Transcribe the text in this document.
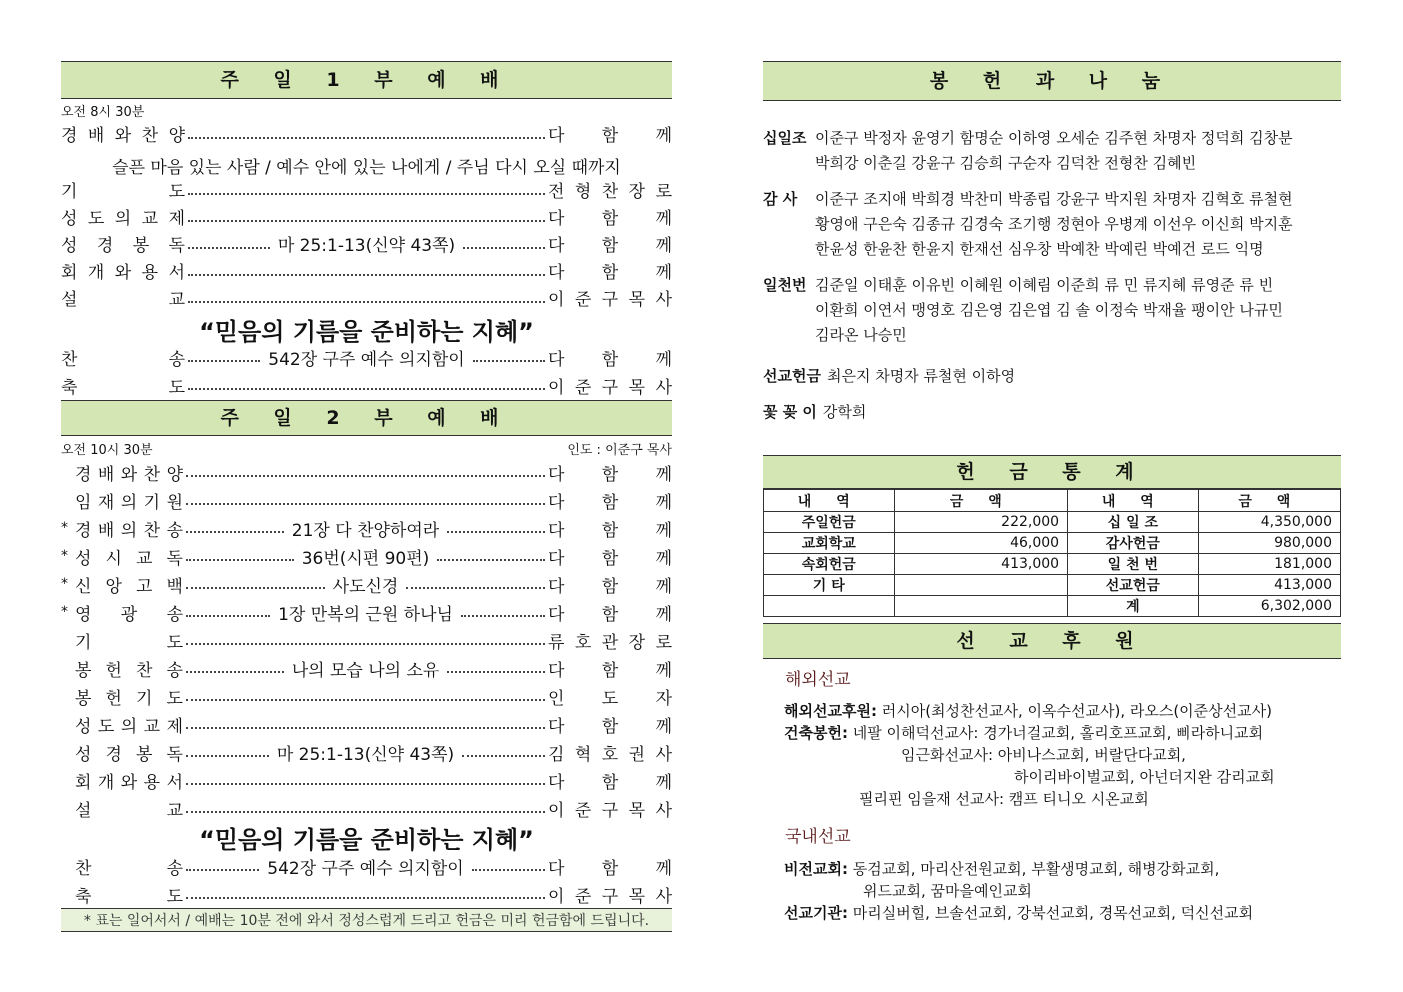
주 일 1 부 예 배
오전 8시 30분
경 배 와 찬 양	다 함 께
기	도	전 형 찬 장 로
성 도 의 교 제	다 함 께
성 경 봉 독	마 25:1-13(신약 43쪽)	다 함 께
회 개 와 용 서	다 함 께
설	교	이 준 구 목 사
슬픈 마음 있는 사람 / 예수 안에 있는 나에게 / 주님 다시 오실 때까지
“믿음의 기름을 준비하는 지혜”
찬	송	542장 구주 예수 의지함이	다 함 께
축	도	이 준 구 목 사
주 일 2 부 예 배
오전 10시 30분	인도 : 이준구 목사
경 배 와 찬 양	다 함 께
임 재 의 기 원	다 함 께
* 경 배 의 찬 송	21장 다 찬양하여라	다 함 께
* 성 시 교 독	36번(시편 90편)	다 함 께
* 신 앙 고 백	사도신경	다 함 께
* 영 광 송	1장 만복의 근원 하나님	다 함 께
기	도	류 호 관 장 로
봉 헌 찬 송	나의 모습 나의 소유	다 함 께
봉 헌 기 도	인 도 자
성 도 의 교 제	다 함 께
성 경 봉 독	마 25:1-13(신약 43쪽)	김 혁 호 권 사
회 개 와 용 서	다 함 께
설	교	이 준 구 목 사
“믿음의 기름을 준비하는 지혜”
찬	송	542장 구주 예수 의지함이	다 함 께
축	도	이 준 구 목 사
* 표는 일어서서 / 예배는 10분 전에 와서 정성스럽게 드리고 헌금은 미리 헌금함에 드립니다.
봉 헌 과 나 눔
십일조 이준구 박정자 윤영기 함명순 이하영 오세순 김주현 차명자 정덕희 김창분
박희강 이춘길 강윤구 김승희 구순자 김덕찬 전형찬 김혜빈
감 사	이준구 조지애 박희경 박찬미 박종립 강윤구 박지원 차명자 김혁호 류철현
황영애 구은숙 김종규 김경숙 조기행 정현아 우병계 이선우 이신희 박지훈
한윤성 한윤찬 한윤지 한재선 심우창 박예찬 박예린 박예건 로드 익명
일천번 김준일 이태훈 이유빈 이혜원 이혜림 이준희 류 민 류지혜 류영준 류 빈
이환희 이연서 맹영호 김은영 김은엽 김 솔 이정숙 박재율 팽이안 나규민
김라온 나승민
선교헌금 최은지 차명자 류철현 이하영
꽃 꽂 이 강학희
헌 금 통 계
내 역	금 액	내 역	금 액
주일헌금	222,000	십 일 조	4,350,000
교회학교	46,000	감사헌금	980,000
속회헌금	413,000	일 천 번	181,000
기 타		선교헌금	413,000
		계	6,302,000
선 교 후 원
해외선교
해외선교후원: 러시아(최성찬선교사, 이옥수선교사), 라오스(이준상선교사)
건축봉헌: 네팔 이해덕선교사: 경가너걸교회, 홀리호프교회, 삐라하니교회
임근화선교사: 아비나스교회, 버랄단다교회,
하이리바이벌교회, 아넌더지완 감리교회
필리핀 임을재 선교사: 캠프 티니오 시온교회
국내선교
비전교회: 동검교회, 마리산전원교회, 부활생명교회, 해병강화교회,
위드교회, 꿈마을예인교회
선교기관: 마리실버힐, 브솔선교회, 강북선교회, 경목선교회, 덕신선교회
